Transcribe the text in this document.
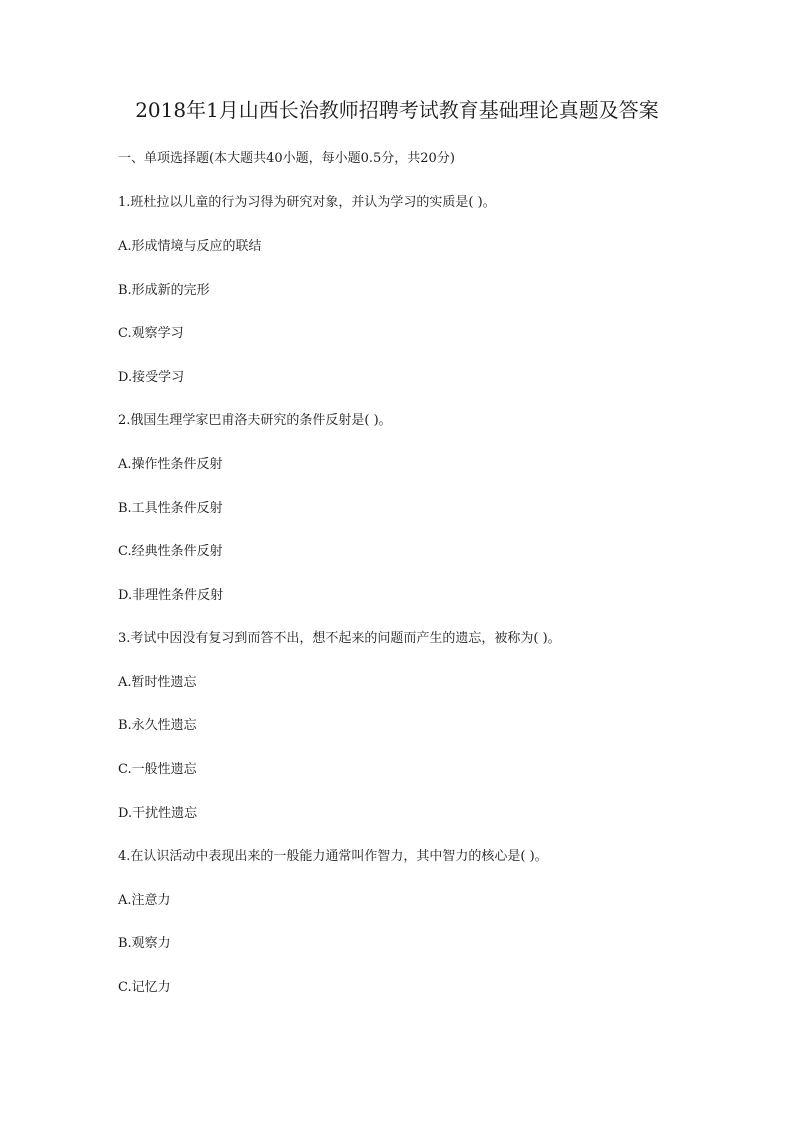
2018年1月山西长治教师招聘考试教育基础理论真题及答案
一、单项选择题(本大题共40小题，每小题0.5分，共20分)
1.班杜拉以儿童的行为习得为研究对象，并认为学习的实质是( )。
A.形成情境与反应的联结
B.形成新的完形
C.观察学习
D.接受学习
2.俄国生理学家巴甫洛夫研究的条件反射是( )。
A.操作性条件反射
B.工具性条件反射
C.经典性条件反射
D.非理性条件反射
3.考试中因没有复习到而答不出，想不起来的问题而产生的遗忘，被称为( )。
A.暂时性遗忘
B.永久性遗忘
C.一般性遗忘
D.干扰性遗忘
4.在认识活动中表现出来的一般能力通常叫作智力，其中智力的核心是( )。
A.注意力
B.观察力
C.记忆力
